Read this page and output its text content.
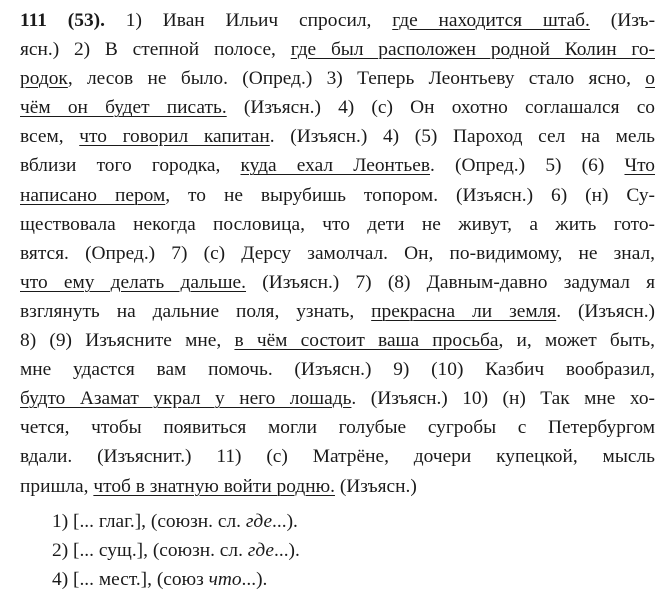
111 (53). 1) Иван Ильич спросил, где находится штаб. (Изъ-
ясн.) 2) В степной полосе, где был расположен родной Колин го-
родок, лесов не было. (Опред.) 3) Теперь Леонтьеву стало ясно, о
чём он будет писать. (Изъясн.) 4) (с) Он охотно соглашался со
всем, что говорил капитан. (Изъясн.) 4) (5) Пароход сел на мель
вблизи того городка, куда ехал Леонтьев. (Опред.) 5) (6) Что
написано пером, то не вырубишь топором. (Изъясн.) 6) (н) Су-
ществовала некогда пословица, что дети не живут, а жить гото-
вятся. (Опред.) 7) (с) Дерсу замолчал. Он, по-видимому, не знал,
что ему делать дальше. (Изъясн.) 7) (8) Давным-давно задумал я
взглянуть на дальние поля, узнать, прекрасна ли земля. (Изъясн.)
8) (9) Изъясните мне, в чём состоит ваша просьба, и, может быть,
мне удастся вам помочь. (Изъясн.) 9) (10) Казбич вообразил,
будто Азамат украл у него лошадь. (Изъясн.) 10) (н) Так мне хо-
чется, чтобы появиться могли голубые сугробы с Петербургом
вдали. (Изъяснит.) 11) (с) Матрёне, дочери купецкой, мысль
пришла, чтоб в знатную войти родню. (Изъясн.)
1) [... глаг.], (союзн. сл. где...).
2) [... сущ.], (союзн. сл. где...).
4) [... мест.], (союз что...).
